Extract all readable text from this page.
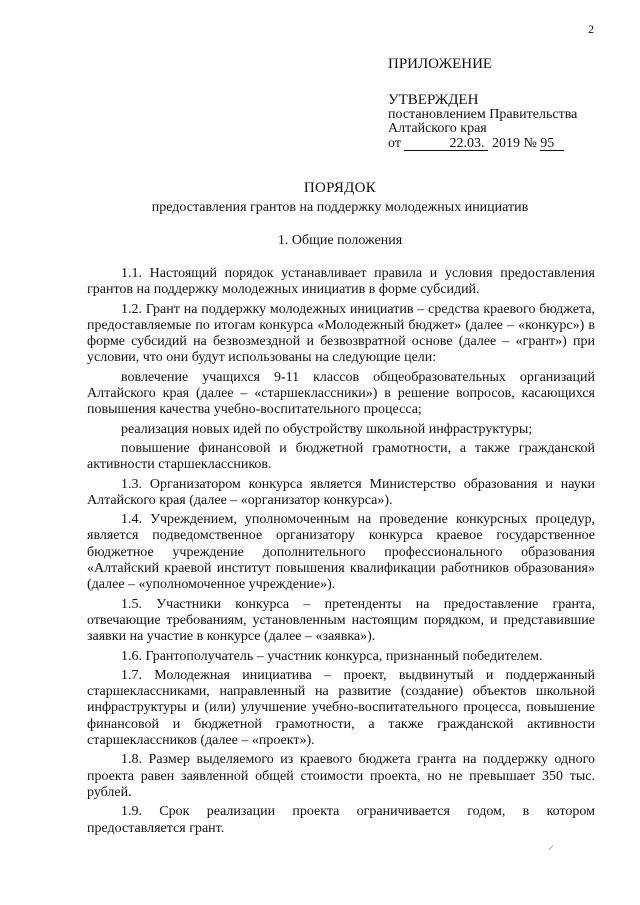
2

ПРИЛОЖЕНИЕ

УТВЕРЖДЕН

постановлением Правительства

Алтайского края

от	22.03. 2019 № 95

ПОРЯДОК
предоставления грантов на поддержку молодежных инициатив
1. Общие положения

1.1. Настоящий порядок устанавливает правила и условия предоставления грантов на поддержку молодежных инициатив в форме субсидий.

1.2. Грант на поддержку молодежных инициатив – средства краевого бюджета, предоставляемые по итогам конкурса «Молодежный бюджет» (далее – «конкурс») в форме субсидий на безвозмездной и безвозвратной основе (далее – «грант») при условии, что они будут использованы на следующие цели:

вовлечение учащихся 9-11 классов общеобразовательных организаций Алтайского края (далее – «старшеклассники») в решение вопросов, касающихся повышения качества учебно-воспитательного процесса;

реализация новых идей по обустройству школьной инфраструктуры;

повышение финансовой и бюджетной грамотности, а также гражданской активности старшеклассников.

1.3. Организатором конкурса является Министерство образования и науки Алтайского края (далее – «организатор конкурса»).

1.4. Учреждением, уполномоченным на проведение конкурсных процедур, является подведомственное организатору конкурса краевое государственное бюджетное учреждение дополнительного профессионального образования «Алтайский краевой институт повышения квалификации работников образования» (далее – «уполномоченное учреждение»).

1.5. Участники конкурса – претенденты на предоставление гранта, отвечающие требованиям, установленным настоящим порядком, и представившие заявки на участие в конкурсе (далее – «заявка»).

1.6. Грантополучатель – участник конкурса, признанный победителем.

1.7. Молодежная инициатива – проект, выдвинутый и поддержанный старшеклассниками, направленный на развитие (создание) объектов школьной инфраструктуры и (или) улучшение учебно-воспитательного процесса, повышение финансовой и бюджетной грамотности, а также гражданской активности старшеклассников (далее – «проект»).

1.8. Размер выделяемого из краевого бюджета гранта на поддержку одного проекта равен заявленной общей стоимости проекта, но не превышает 350 тыс. рублей.

1.9. Срок реализации проекта ограничивается годом, в котором предоставляется грант.

⸝
